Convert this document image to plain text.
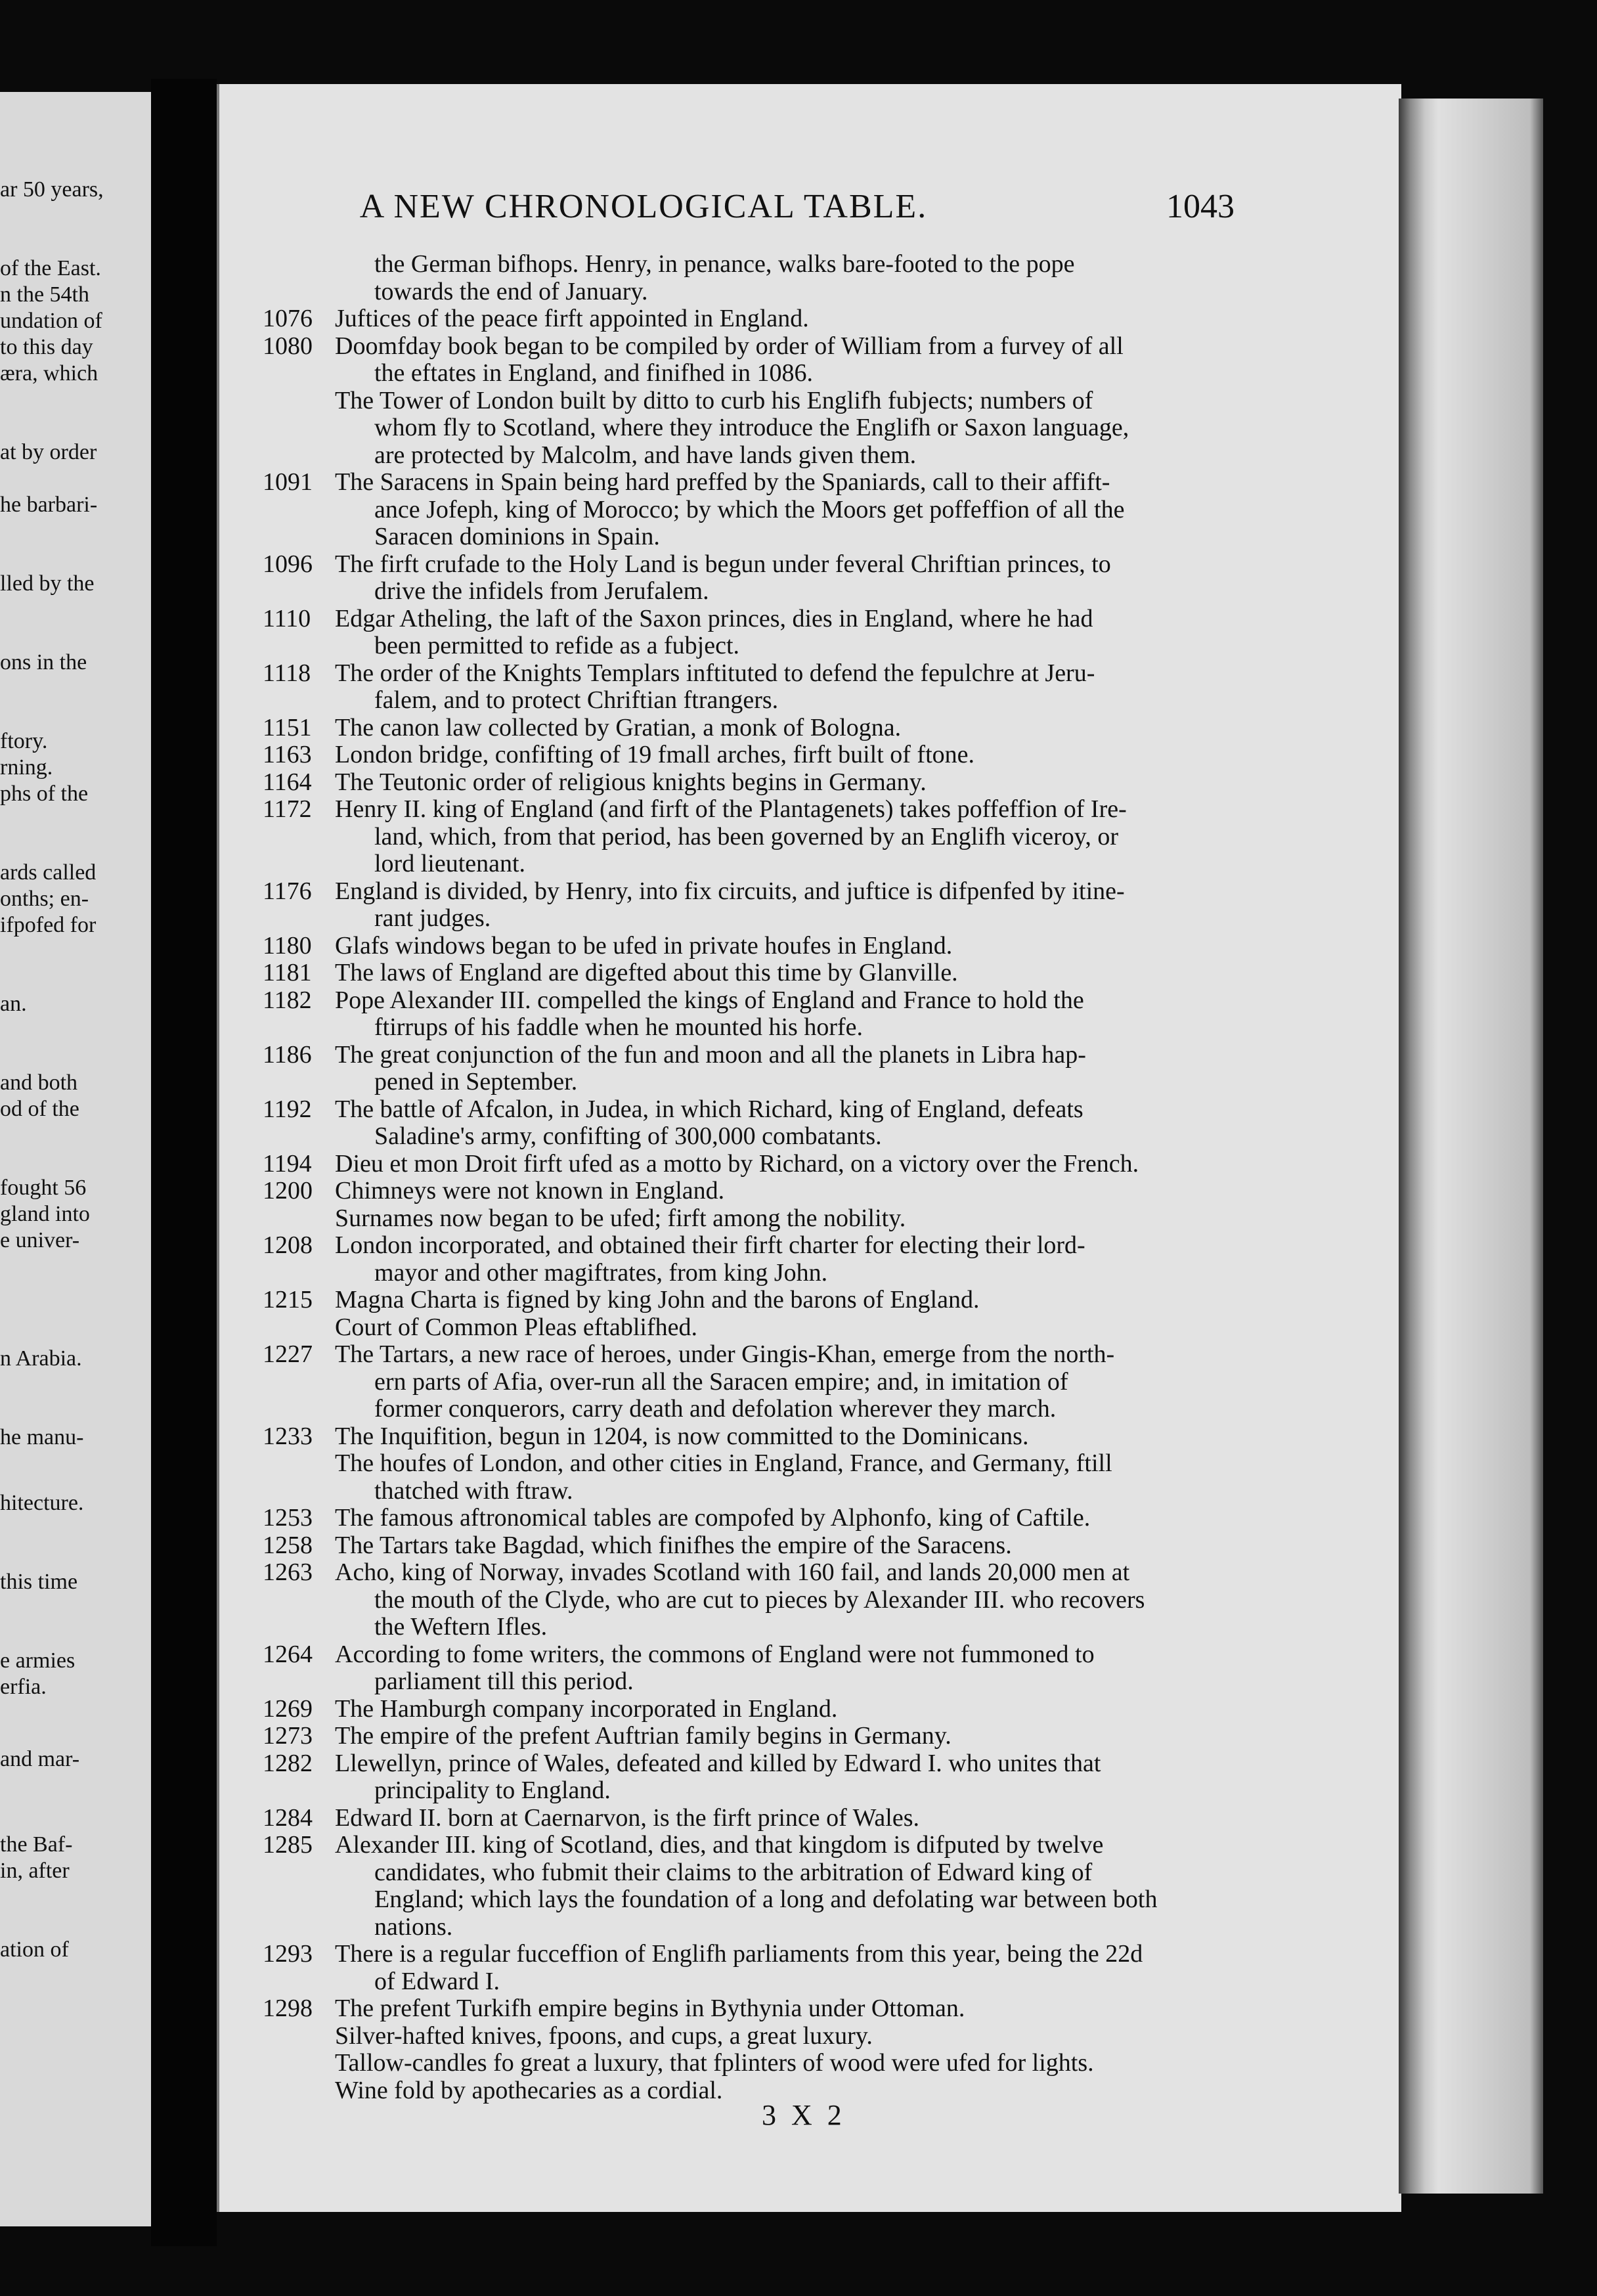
ar 50 years,
of the East.
n the 54th
undation of
to this day
æra, which
at by order
he barbari-
lled by the
ons in the
ftory.
rning.
phs of the
ards called
onths; en-
ifpofed for
an.
and both
od of the
fought 56
gland into
e univer-
n Arabia.
he manu-
hitecture.
this time
e armies
erfia.
and mar-
the Baf-
in, after
ation of
A NEW CHRONOLOGICAL TABLE.	1043
the German bifhops. Henry, in penance, walks bare-footed to the pope
towards the end of January.
1076 Juftices of the peace firft appointed in England.
1080 Doomfday book began to be compiled by order of William from a furvey of all
the eftates in England, and finifhed in 1086.
The Tower of London built by ditto to curb his Englifh fubjects; numbers of
whom fly to Scotland, where they introduce the Englifh or Saxon language,
are protected by Malcolm, and have lands given them.
1091 The Saracens in Spain being hard preffed by the Spaniards, call to their affift-
ance Jofeph, king of Morocco; by which the Moors get poffeffion of all the
Saracen dominions in Spain.
1096 The firft crufade to the Holy Land is begun under feveral Chriftian princes, to
drive the infidels from Jerufalem.
1110 Edgar Atheling, the laft of the Saxon princes, dies in England, where he had
been permitted to refide as a fubject.
1118 The order of the Knights Templars inftituted to defend the fepulchre at Jeru-
falem, and to protect Chriftian ftrangers.
1151 The canon law collected by Gratian, a monk of Bologna.
1163 London bridge, confifting of 19 fmall arches, firft built of ftone.
1164 The Teutonic order of religious knights begins in Germany.
1172 Henry II. king of England (and firft of the Plantagenets) takes poffeffion of Ire-
land, which, from that period, has been governed by an Englifh viceroy, or
lord lieutenant.
1176 England is divided, by Henry, into fix circuits, and juftice is difpenfed by itine-
rant judges.
1180 Glafs windows began to be ufed in private houfes in England.
1181 The laws of England are digefted about this time by Glanville.
1182 Pope Alexander III. compelled the kings of England and France to hold the
ftirrups of his faddle when he mounted his horfe.
1186 The great conjunction of the fun and moon and all the planets in Libra hap-
pened in September.
1192 The battle of Afcalon, in Judea, in which Richard, king of England, defeats
Saladine's army, confifting of 300,000 combatants.
1194 Dieu et mon Droit firft ufed as a motto by Richard, on a victory over the French.
1200 Chimneys were not known in England.
Surnames now began to be ufed; firft among the nobility.
1208 London incorporated, and obtained their firft charter for electing their lord-
mayor and other magiftrates, from king John.
1215 Magna Charta is figned by king John and the barons of England.
Court of Common Pleas eftablifhed.
1227 The Tartars, a new race of heroes, under Gingis-Khan, emerge from the north-
ern parts of Afia, over-run all the Saracen empire; and, in imitation of
former conquerors, carry death and defolation wherever they march.
1233 The Inquifition, begun in 1204, is now committed to the Dominicans.
The houfes of London, and other cities in England, France, and Germany, ftill
thatched with ftraw.
1253 The famous aftronomical tables are compofed by Alphonfo, king of Caftile.
1258 The Tartars take Bagdad, which finifhes the empire of the Saracens.
1263 Acho, king of Norway, invades Scotland with 160 fail, and lands 20,000 men at
the mouth of the Clyde, who are cut to pieces by Alexander III. who recovers
the Weftern Ifles.
1264 According to fome writers, the commons of England were not fummoned to
parliament till this period.
1269 The Hamburgh company incorporated in England.
1273 The empire of the prefent Auftrian family begins in Germany.
1282 Llewellyn, prince of Wales, defeated and killed by Edward I. who unites that
principality to England.
1284 Edward II. born at Caernarvon, is the firft prince of Wales.
1285 Alexander III. king of Scotland, dies, and that kingdom is difputed by twelve
candidates, who fubmit their claims to the arbitration of Edward king of
England; which lays the foundation of a long and defolating war between both
nations.
1293 There is a regular fucceffion of Englifh parliaments from this year, being the 22d
of Edward I.
1298 The prefent Turkifh empire begins in Bythynia under Ottoman.
Silver-hafted knives, fpoons, and cups, a great luxury.
Tallow-candles fo great a luxury, that fplinters of wood were ufed for lights.
Wine fold by apothecaries as a cordial.
3 X 2
